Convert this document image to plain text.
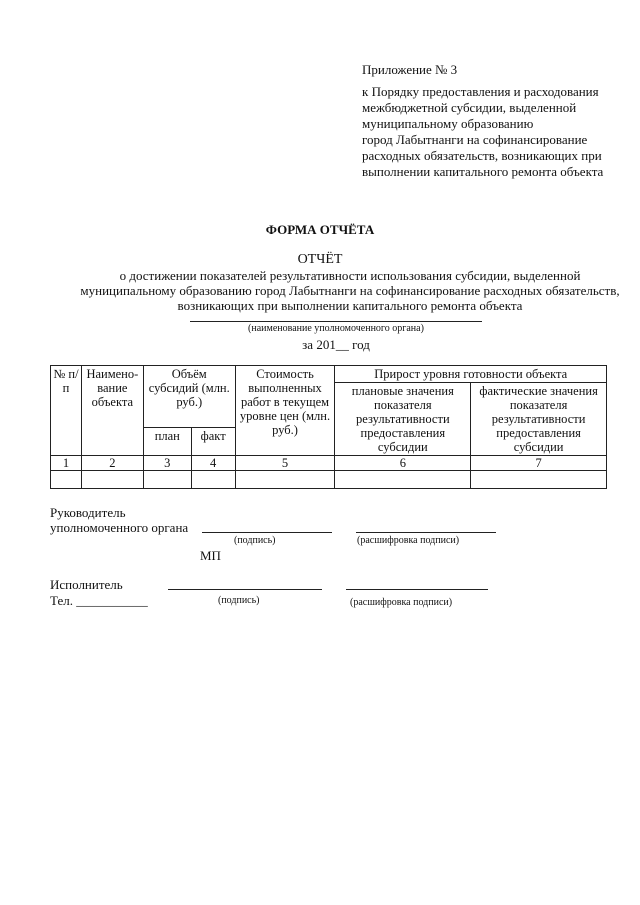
Приложение № 3
к Порядку предоставления и расходования
межбюджетной субсидии, выделенной
муниципальному образованию
город Лабытнанги на софинансирование
расходных обязательств, возникающих при
выполнении капитального ремонта объекта
ФОРМА ОТЧЁТА
ОТЧЁТ
о достижении показателей результативности использования субсидии, выделенной
муниципальному образованию город Лабытнанги на софинансирование расходных обязательств,
возникающих при выполнении капитального ремонта объекта
(наименование уполномоченного органа)
за 201__ год
№ п/п	Наимено- вание объекта	Объём субсидий (млн. руб.)		Стоимость выполненных работ в текущем уровне цен (млн. руб.)	Прирост уровня готовности объекта	
					плановые значения показателя результативности предоставления субсидии	фактические значения показателя результативности предоставления субсидии
		план	факт			
1	2	3	4	5	6	7

Руководитель
уполномоченного органа
(подпись)	(расшифровка подписи)
МП
Исполнитель
Тел. ___________	(подпись)	(расшифровка подписи)
